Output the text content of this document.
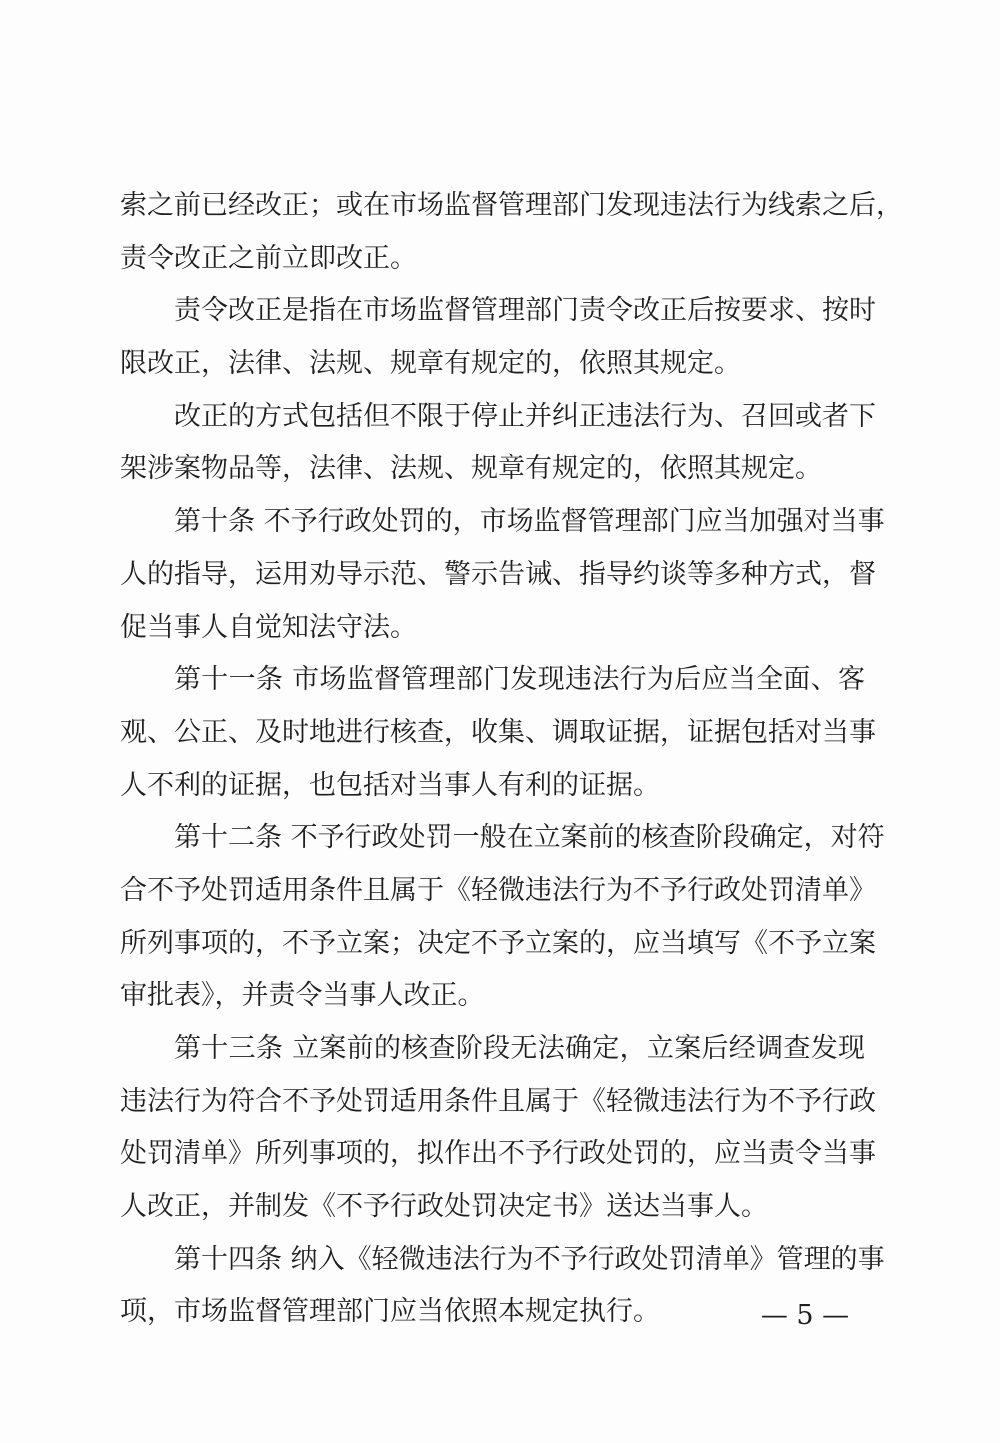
索之前已经改正；或在市场监督管理部门发现违法行为线索之后，
责令改正之前立即改正。
责令改正是指在市场监督管理部门责令改正后按要求、按时
限改正，法律、法规、规章有规定的，依照其规定。
改正的方式包括但不限于停止并纠正违法行为、召回或者下
架涉案物品等，法律、法规、规章有规定的，依照其规定。
第十条 不予行政处罚的，市场监督管理部门应当加强对当事
人的指导，运用劝导示范、警示告诫、指导约谈等多种方式，督
促当事人自觉知法守法。
第十一条 市场监督管理部门发现违法行为后应当全面、客
观、公正、及时地进行核查，收集、调取证据，证据包括对当事
人不利的证据，也包括对当事人有利的证据。
第十二条 不予行政处罚一般在立案前的核查阶段确定，对符
合不予处罚适用条件且属于《轻微违法行为不予行政处罚清单》
所列事项的，不予立案；决定不予立案的，应当填写《不予立案
审批表》，并责令当事人改正。
第十三条 立案前的核查阶段无法确定，立案后经调查发现
违法行为符合不予处罚适用条件且属于《轻微违法行为不予行政
处罚清单》所列事项的，拟作出不予行政处罚的，应当责令当事
人改正，并制发《不予行政处罚决定书》送达当事人。
第十四条 纳入《轻微违法行为不予行政处罚清单》管理的事
项，市场监督管理部门应当依照本规定执行。	— 5 —
